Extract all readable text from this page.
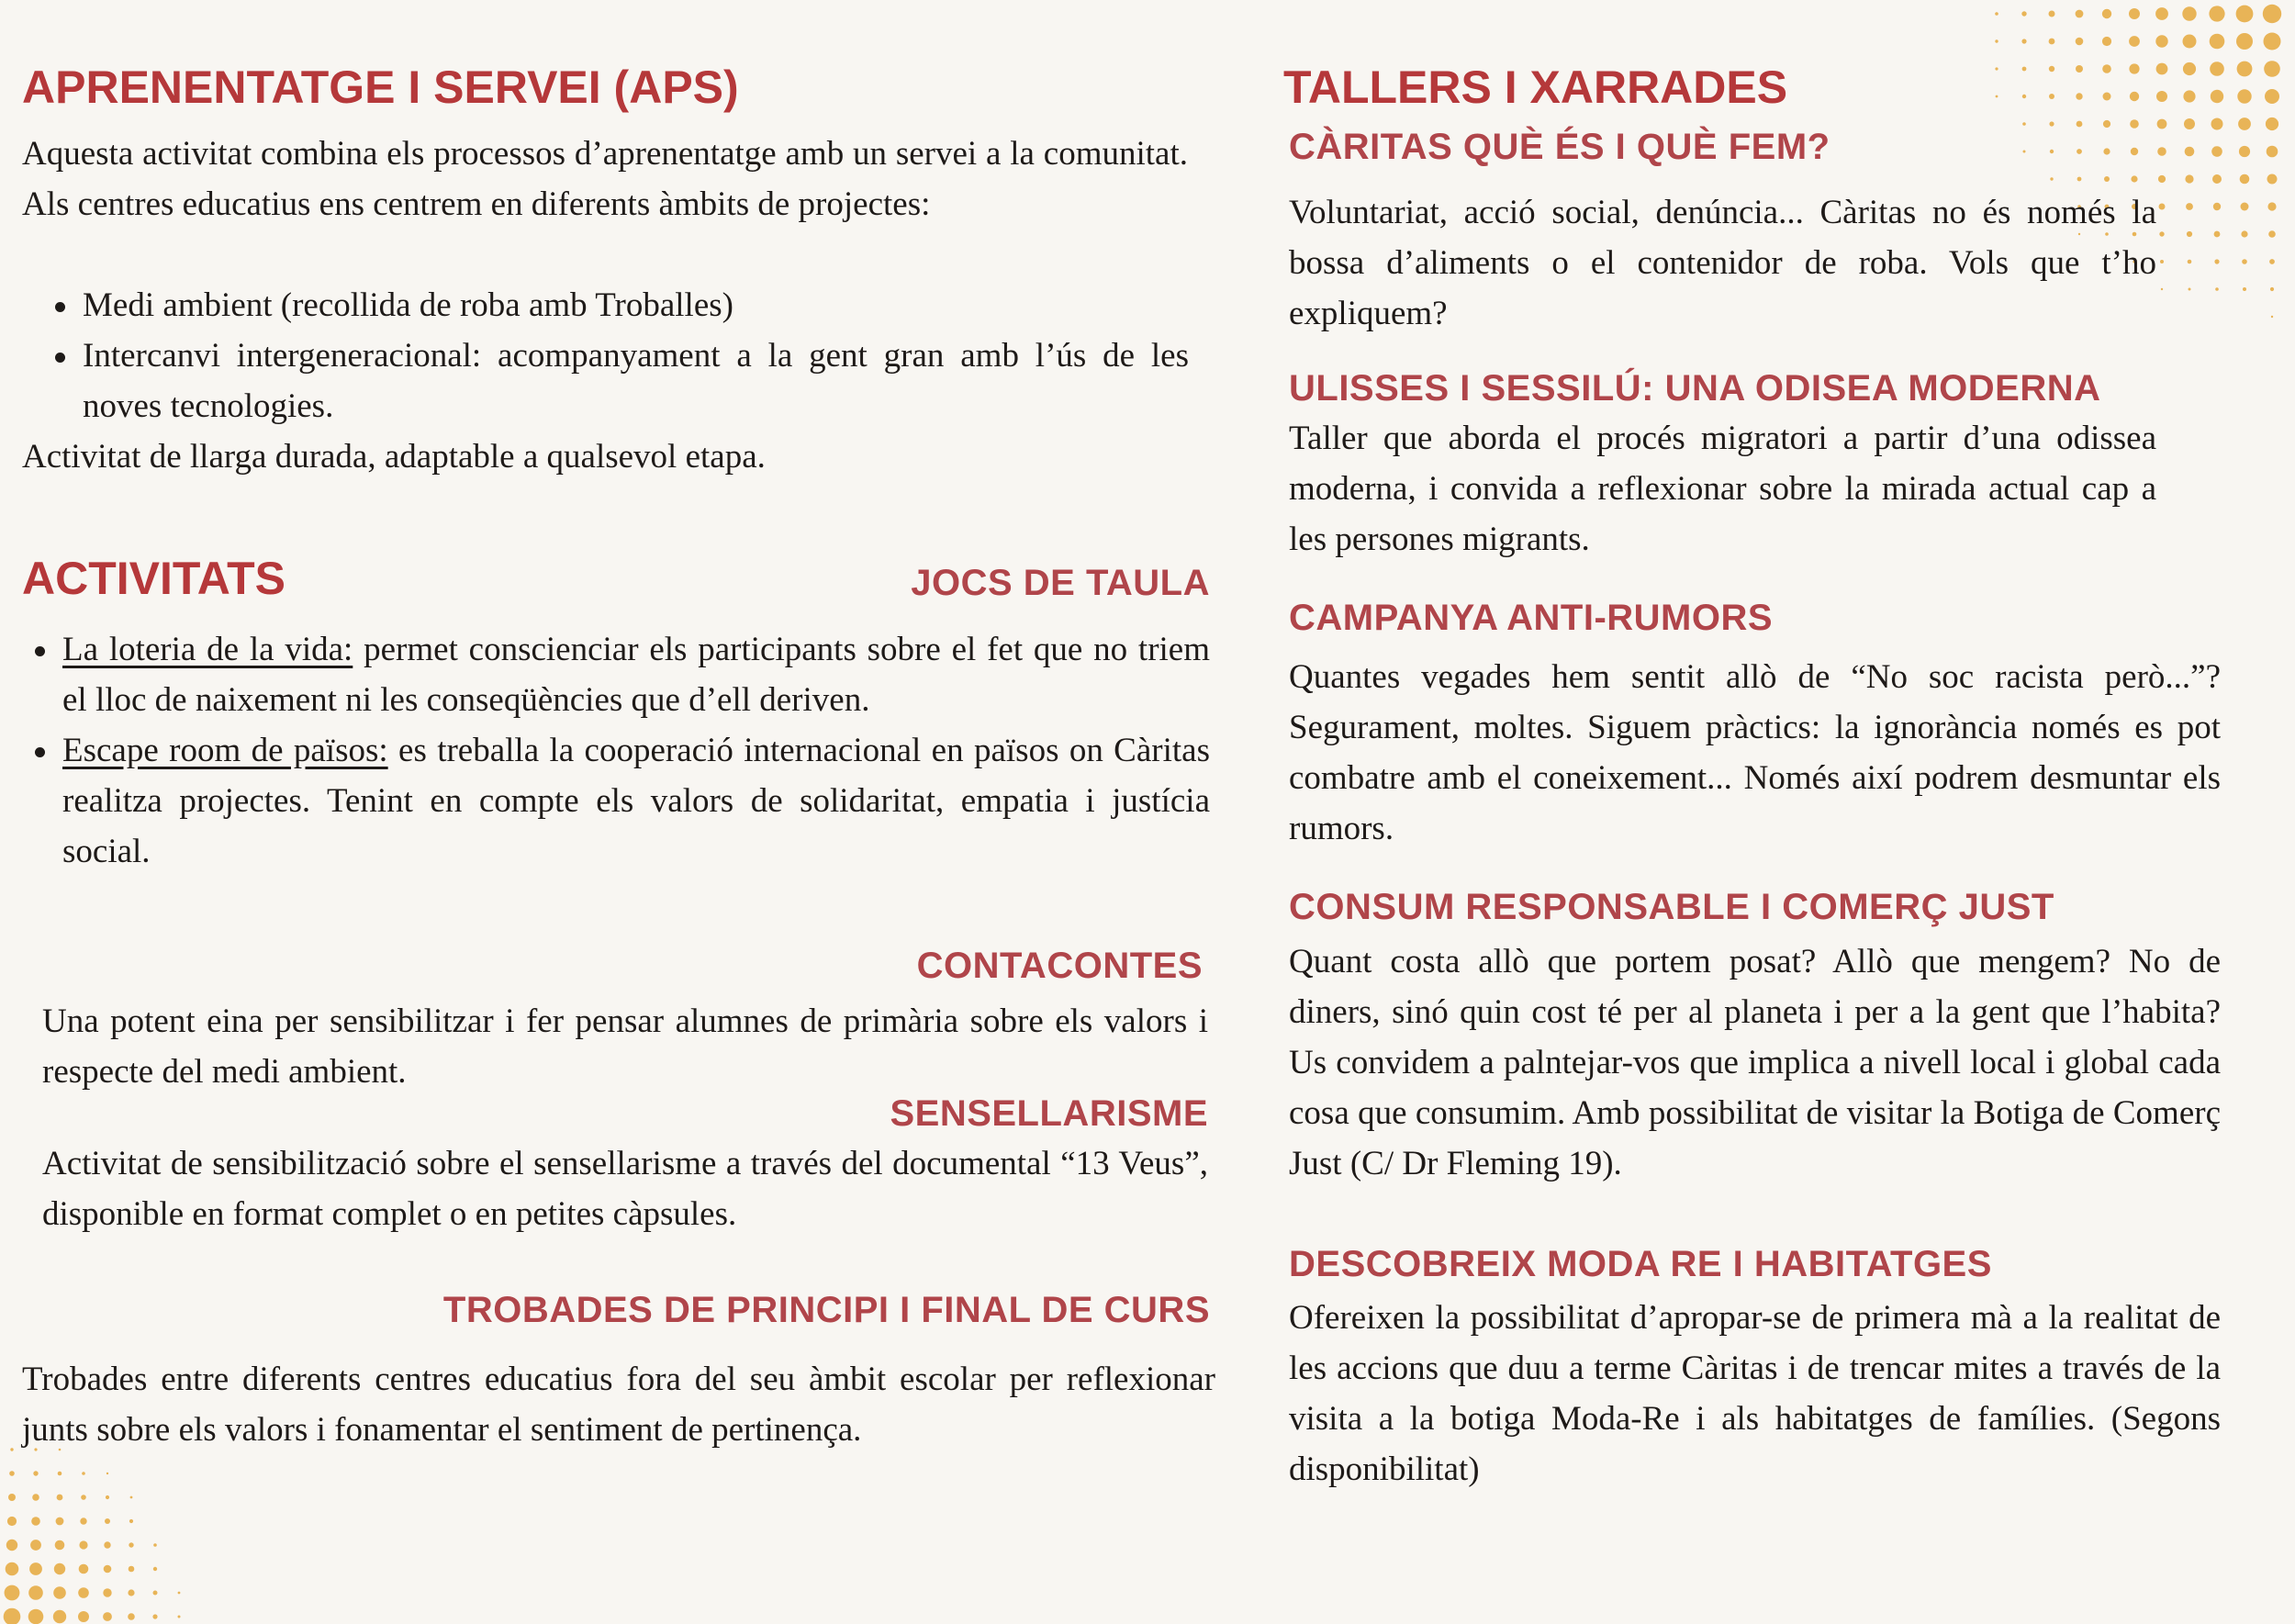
APRENENTATGE I SERVEI (APS)

Aquesta activitat combina els processos d’aprenentatge amb un servei a la comunitat. Als centres educatius ens centrem en diferents àmbits de projectes:

Medi ambient (recollida de roba amb Troballes)
Intercanvi intergeneracional: acompanyament a la gent gran amb l’ús de les noves tecnologies.

Activitat de llarga durada, adaptable a qualsevol etapa.

ACTIVITATS	JOCS DE TAULA
La loteria de la vida: permet conscienciar els participants sobre el fet que no triem el lloc de naixement ni les conseqüències que d’ell deriven.
Escape room de països: es treballa la cooperació internacional en països on Càritas realitza projectes. Tenint en compte els valors de solidaritat, empatia i justícia social.
CONTACONTES

Una potent eina per sensibilitzar i fer pensar alumnes de primària sobre els valors i respecte del medi ambient.

SENSELLARISME

Activitat de sensibilització sobre el sensellarisme a través del documental “13 Veus”, disponible en format complet o en petites càpsules.

TROBADES DE PRINCIPI I FINAL DE CURS

Trobades entre diferents centres educatius fora del seu àmbit escolar per reflexionar junts sobre els valors i fonamentar el sentiment de pertinença.

TALLERS I XARRADES
CÀRITAS QUÈ ÉS I QUÈ FEM?

Voluntariat, acció social, denúncia... Càritas no és només la bossa d’aliments o el contenidor de roba. Vols que t’ho expliquem?

ULISSES I SESSILÚ: UNA ODISEA MODERNA

Taller que aborda el procés migratori a partir d’una odissea moderna, i convida a reflexionar sobre la mirada actual cap a les persones migrants.

CAMPANYA ANTI-RUMORS

Quantes vegades hem sentit allò de “No soc racista però...”? Segurament, moltes. Siguem pràctics: la ignorància només es pot combatre amb el coneixement... Només així podrem desmuntar els rumors.

CONSUM RESPONSABLE I COMERÇ JUST

Quant costa allò que portem posat? Allò que mengem? No de diners, sinó quin cost té per al planeta i per a la gent que l’habita? Us convidem a palntejar-vos que implica a nivell local i global cada cosa que consumim. Amb possibilitat de visitar la Botiga de Comerç Just (C/ Dr Fleming 19).

DESCOBREIX MODA RE I HABITATGES

Ofereixen la possibilitat d’apropar-se de primera mà a la realitat de les accions que duu a terme Càritas i de trencar mites a través de la visita a la botiga Moda-Re i als habitatges de famílies. (Segons disponibilitat)
